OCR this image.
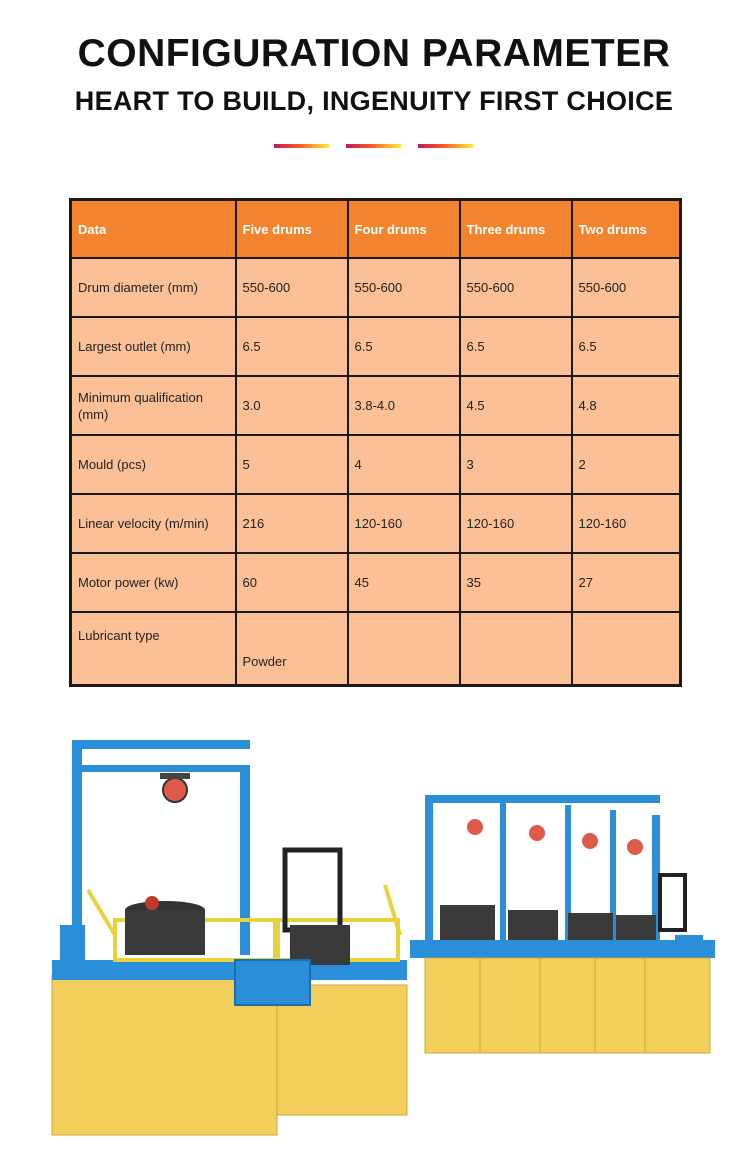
CONFIGURATION PARAMETER
HEART TO BUILD, INGENUITY FIRST CHOICE
Data	Five drums	Four drums	Three drums	Two drums
Drum diameter (mm)	550-600	550-600	550-600	550-600
Largest outlet (mm)	6.5	6.5	6.5	6.5
Minimum qualification (mm)	3.0	3.8-4.0	4.5	4.8
Mould (pcs)	5	4	3	2
Linear velocity (m/min)	216	120-160	120-160	120-160
Motor power (kw)	60	45	35	27
Lubricant type	Powder			
